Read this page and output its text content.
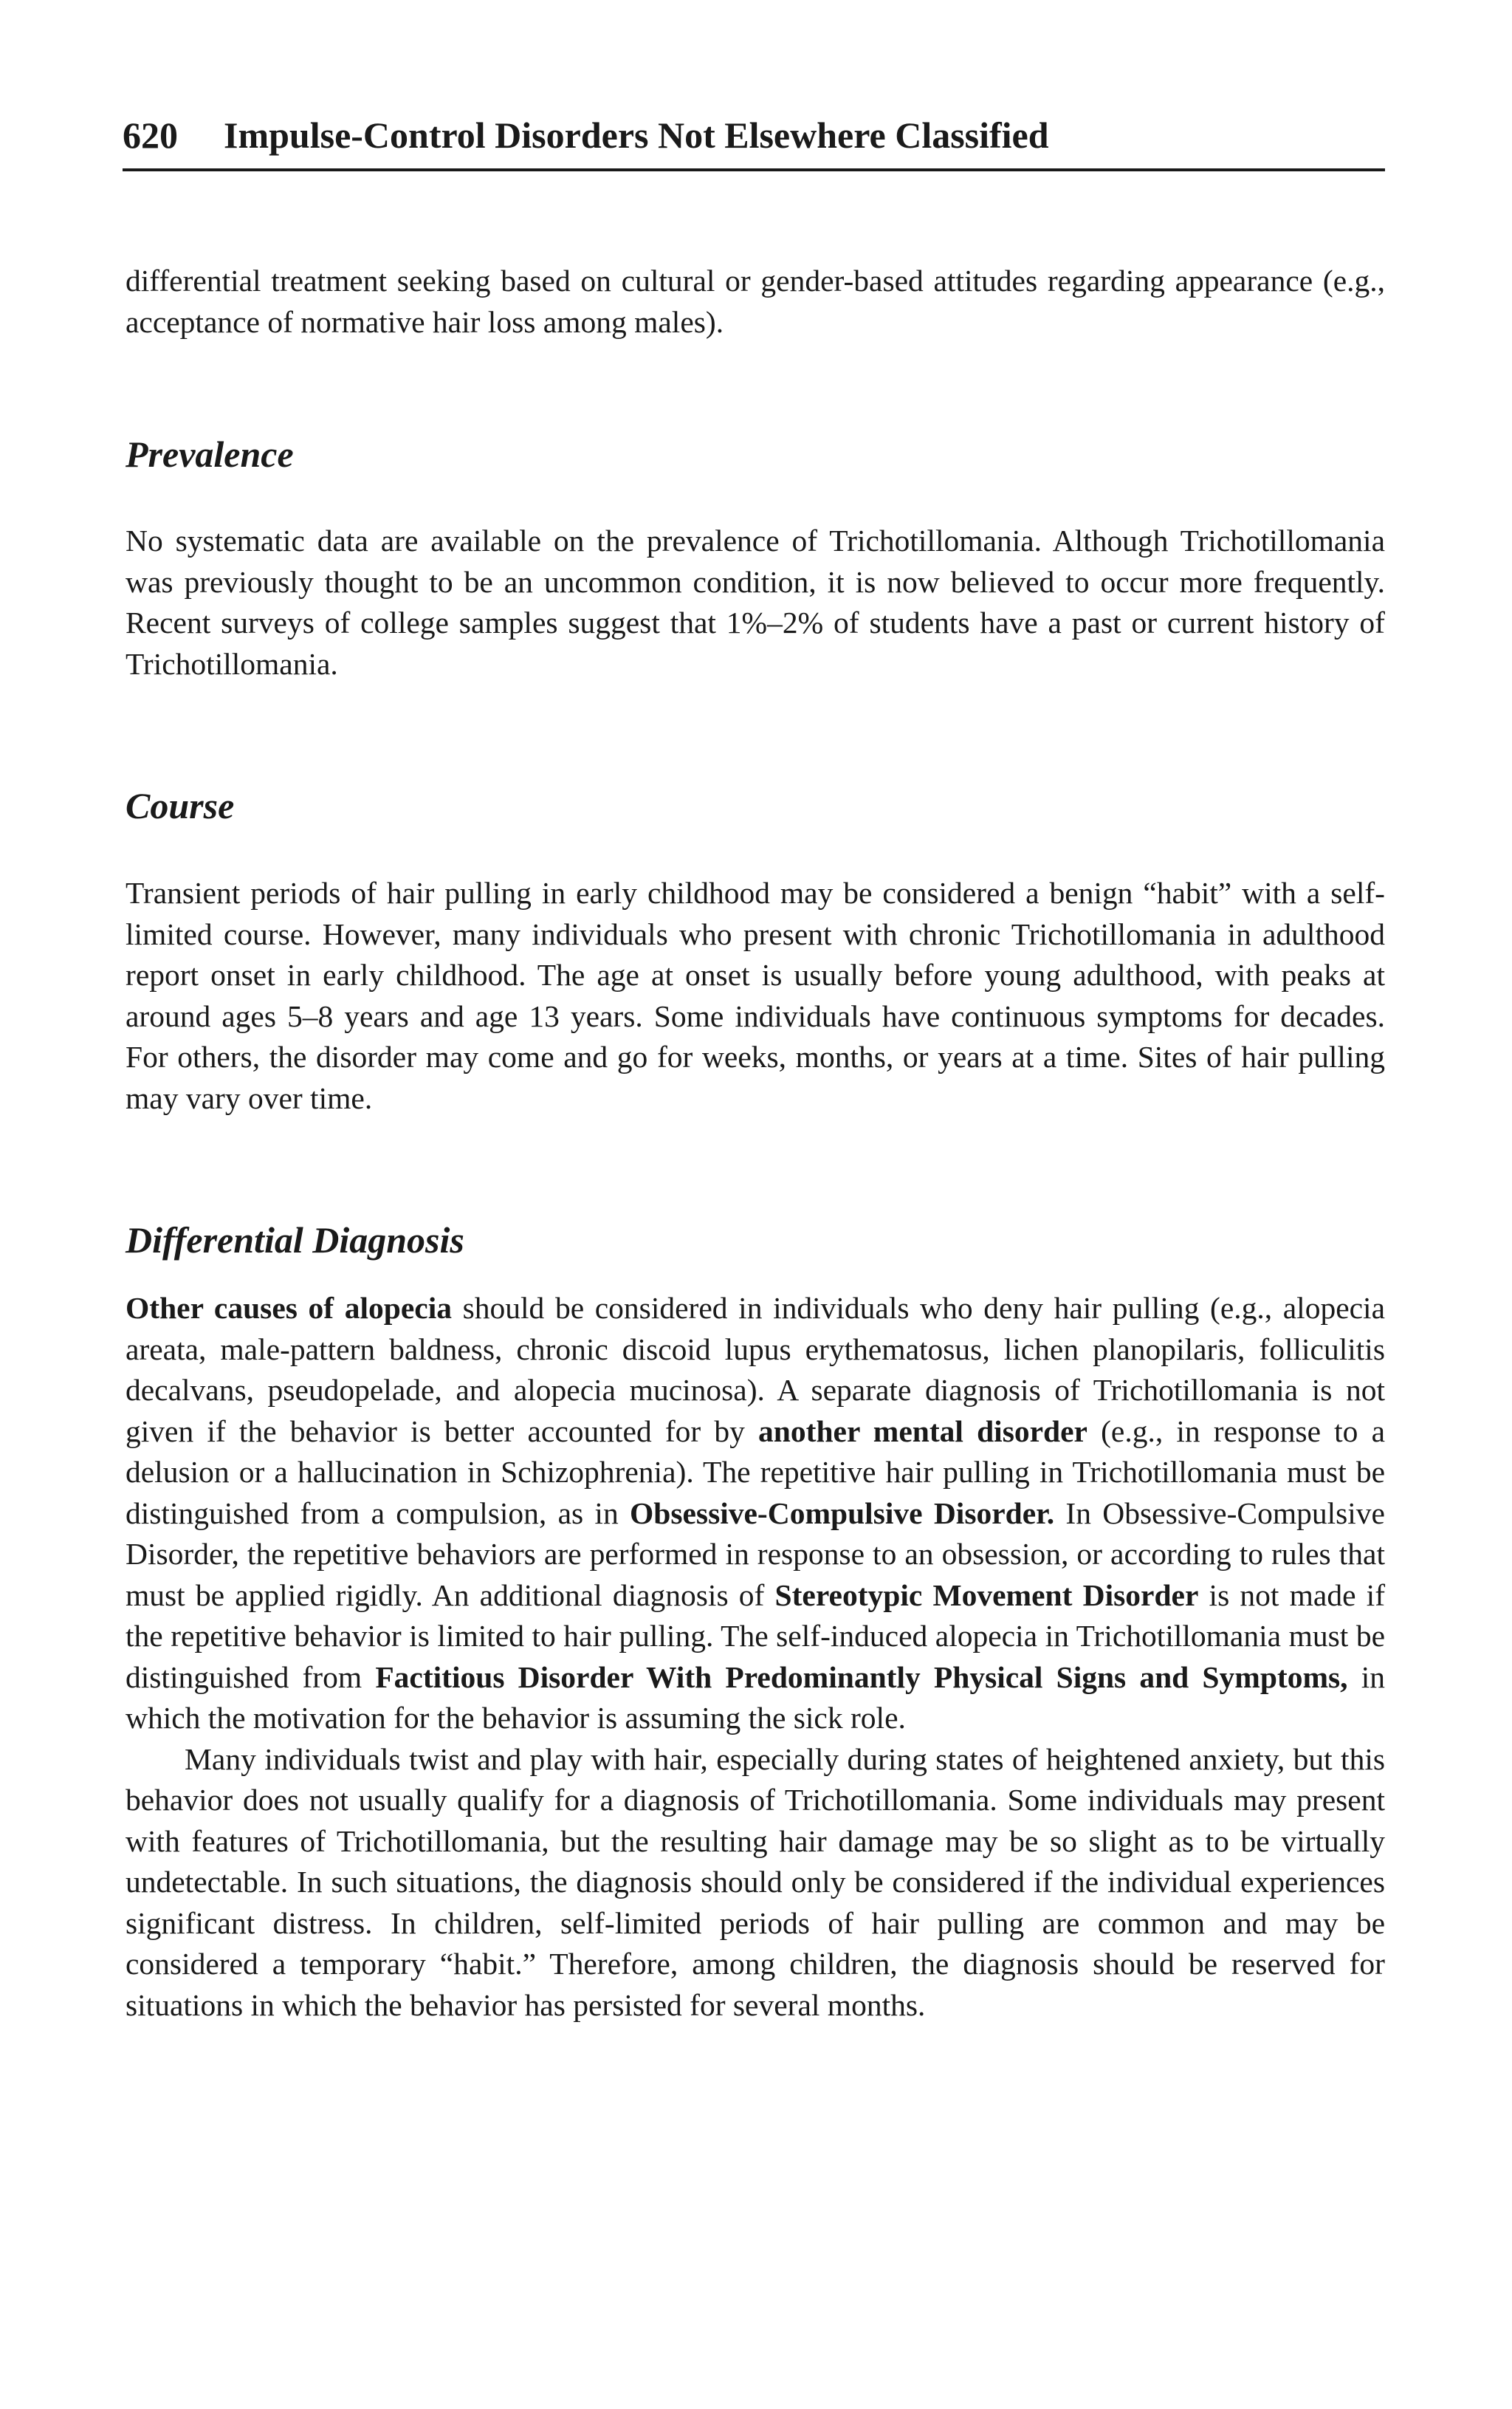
620 Impulse-Control Disorders Not Elsewhere Classified

differential treatment seeking based on cultural or gender-based attitudes regarding appearance (e.g., acceptance of normative hair loss among males).

Prevalence

No systematic data are available on the prevalence of Trichotillomania. Although Trichotillomania was previously thought to be an uncommon condition, it is now believed to occur more frequently. Recent surveys of college samples suggest that 1%–2% of students have a past or current history of Trichotillomania.

Course

Transient periods of hair pulling in early childhood may be considered a benign “habit” with a self-limited course. However, many individuals who present with chronic Trichotillomania in adulthood report onset in early childhood. The age at onset is usually before young adulthood, with peaks at around ages 5–8 years and age 13 years. Some individuals have continuous symptoms for decades. For others, the disorder may come and go for weeks, months, or years at a time. Sites of hair pulling may vary over time.

Differential Diagnosis

Other causes of alopecia should be considered in individuals who deny hair pulling (e.g., alopecia areata, male-pattern baldness, chronic discoid lupus erythematosus, lichen planopilaris, folliculitis decalvans, pseudopelade, and alopecia mucinosa). A separate diagnosis of Trichotillomania is not given if the behavior is better accounted for by another mental disorder (e.g., in response to a delusion or a hallucination in Schizophrenia). The repetitive hair pulling in Trichotillomania must be distinguished from a compulsion, as in Obsessive-Compulsive Disorder. In Obsessive-Compulsive Disorder, the repetitive behaviors are performed in response to an obsession, or according to rules that must be applied rigidly. An additional diagnosis of Stereotypic Movement Disorder is not made if the repetitive behavior is limited to hair pulling. The self-induced alopecia in Trichotillomania must be distinguished from Factitious Disorder With Predominantly Physical Signs and Symptoms, in which the motivation for the behavior is assuming the sick role.

Many individuals twist and play with hair, especially during states of heightened anxiety, but this behavior does not usually qualify for a diagnosis of Trichotillomania. Some individuals may present with features of Trichotillomania, but the resulting hair damage may be so slight as to be virtually undetectable. In such situations, the diagnosis should only be considered if the individual experiences significant distress. In children, self-limited periods of hair pulling are common and may be considered a temporary “habit.” Therefore, among children, the diagnosis should be reserved for situations in which the behavior has persisted for several months.
